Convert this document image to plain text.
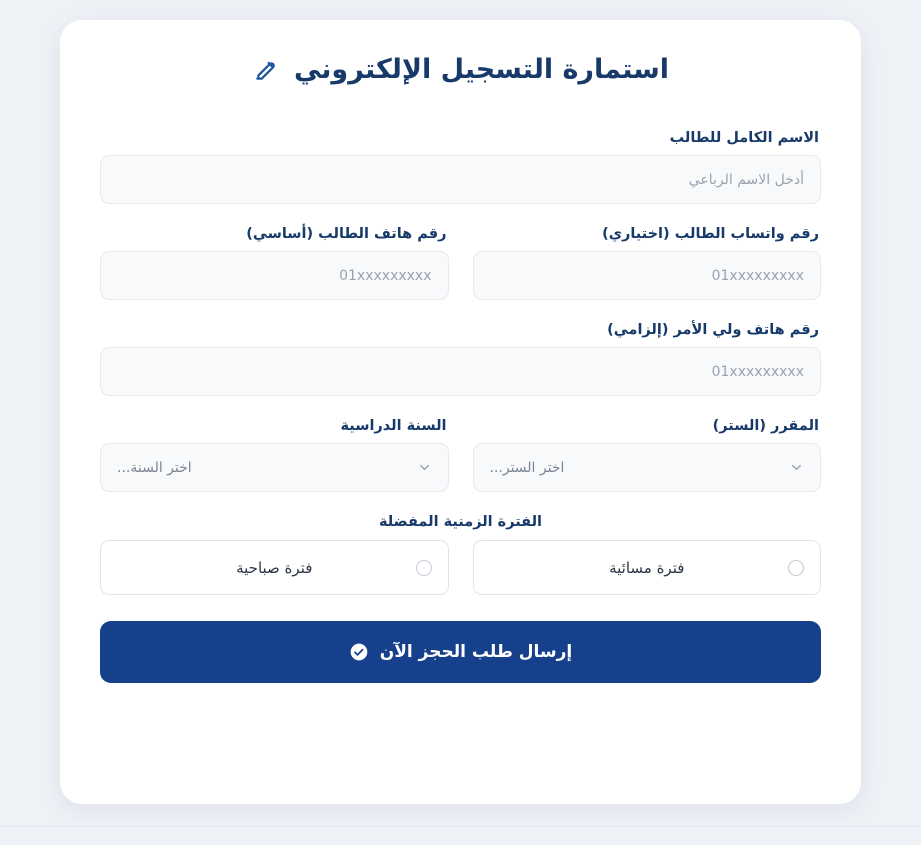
استمارة التسجيل الإلكتروني
الاسم الكامل للطالب
أدخل الاسم الرباعي
رقم واتساب الطالب (اختياري)
01xxxxxxxxx
رقم هاتف الطالب (أساسي)
01xxxxxxxxx
رقم هاتف ولي الأمر (إلزامي)
01xxxxxxxxx
المقرر (الستر)
اختر الستر...
السنة الدراسية
اختر السنة...
الفترة الزمنية المفضلة
فترة مسائية
فترة صباحية
إرسال طلب الحجز الآن
